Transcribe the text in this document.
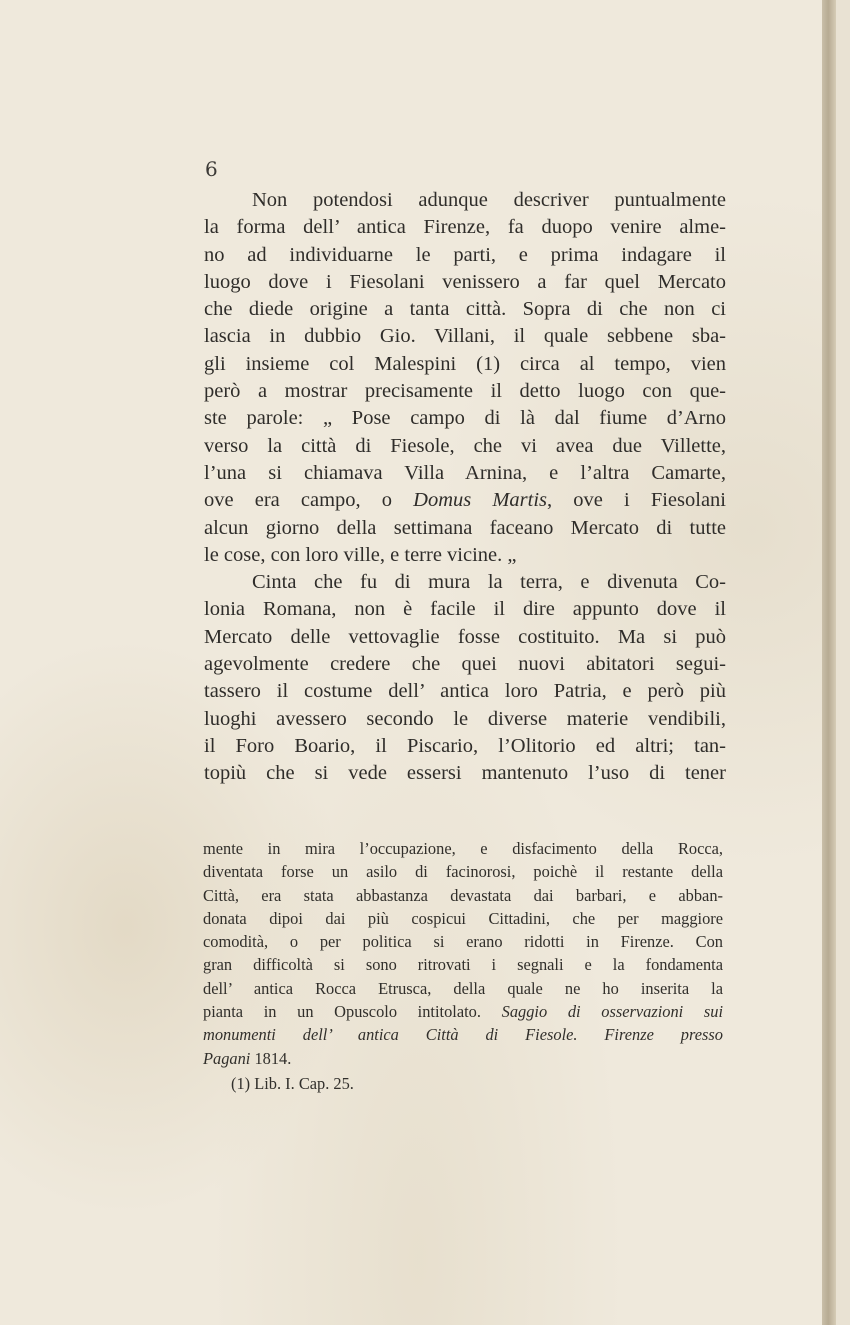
6
Non potendosi adunque descriver puntualmente
la forma dell’ antica Firenze, fa duopo venire almе-
no ad individuarne le parti, e prima indagare il
luogo dove i Fiesolani venissero a far quel Mercato
che diede origine a tanta città. Sopra di che non ci
lascia in dubbio Gio. Villani, il quale sebbene sba-
gli insieme col Malespini (1) circa al tempo, vien
però a mostrar precisamente il detto luogo con que-
ste parole: „ Pose campo di là dal fiume d’Arno
verso la città di Fiesole, che vi avea due Villette,
l’una si chiamava Villa Arnina, e l’altra Camarte,
ove era campo, o Domus Martis, ove i Fiesolani
alcun giorno della settimana faceano Mercato di tutte
le cose, con loro ville, e terre vicine. „
Cinta che fu di mura la terra, e divenuta Co-
lonia Romana, non è facile il dire appunto dove il
Mercato delle vettovaglie fosse costituito. Ma si può
agevolmente credere che quei nuovi abitatori segui-
tassero il costume dell’ antica loro Patria, e però più
luoghi avessero secondo le diverse materie vendibili,
il Foro Boario, il Piscario, l’Olitorio ed altri; tan-
topiù che si vede essersi mantenuto l’uso di tener
mente in mira l’occupazione, e disfacimento della Rocca,
diventata forse un asilo di facinorosi, poichè il restante della
Città, era stata abbastanza devastata dai barbari, e abban-
donata dipoi dai più cospicui Cittadini, che per maggiore
comodità, o per politica si erano ridotti in Firenze. Con
gran difficoltà si sono ritrovati i segnali e la fondamenta
dell’ antica Rocca Etrusca, della quale ne ho inserita la
pianta in un Opuscolo intitolato. Saggio di osservazioni sui
monumenti dell’ antica Città di Fiesole. Firenze presso
Pagani 1814.
(1) Lib. I. Cap. 25.
